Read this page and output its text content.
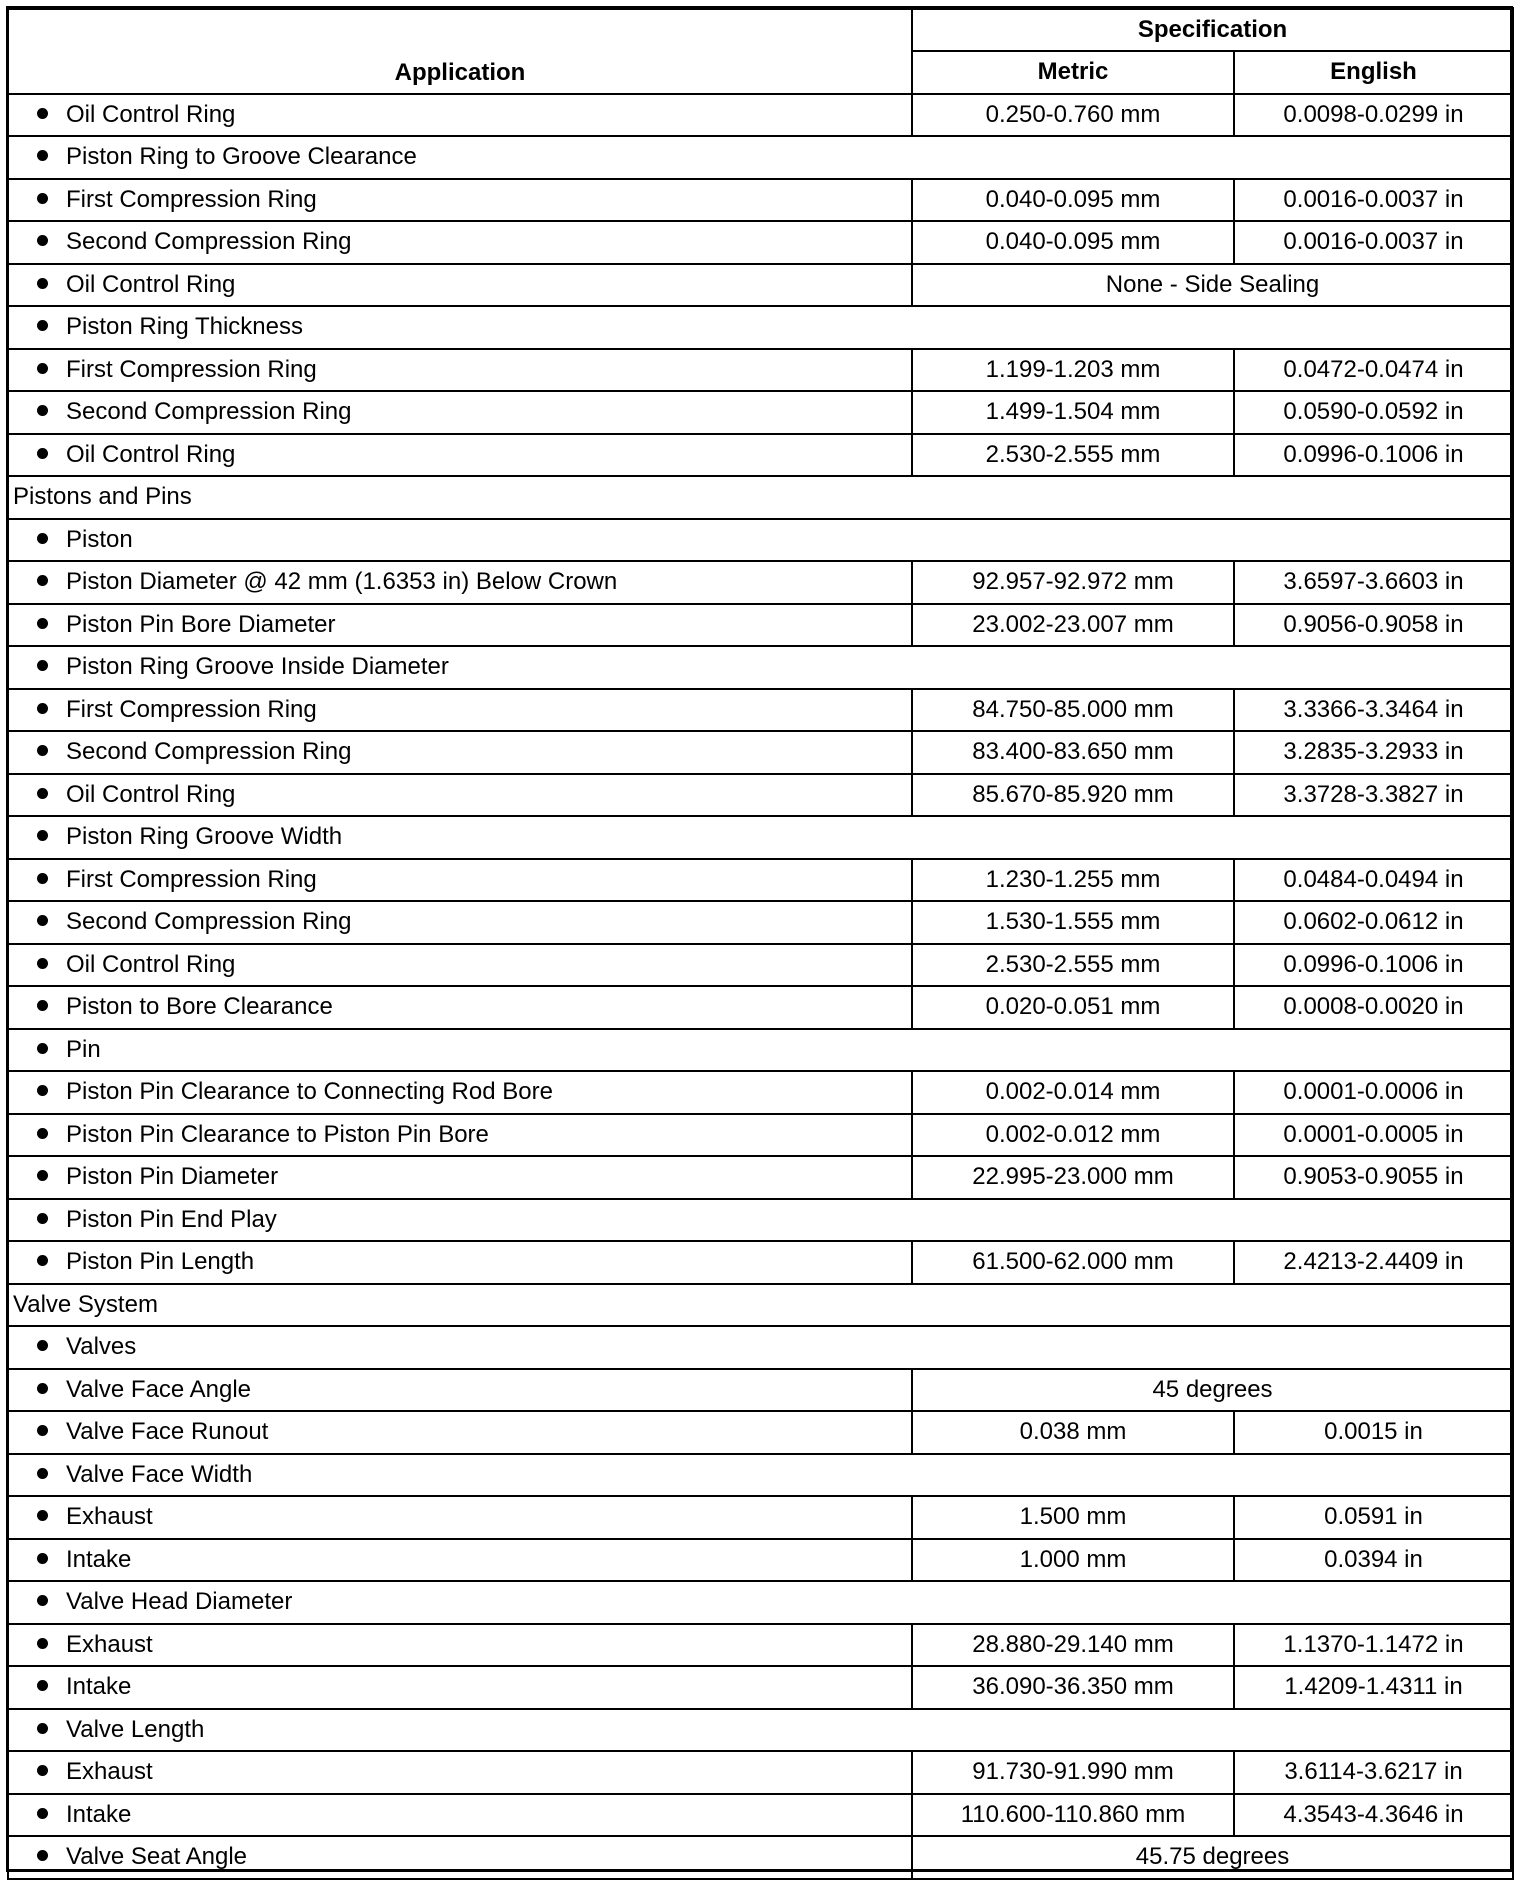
Application	Specification	
	Metric	English
Oil Control Ring	0.250-0.760 mm	0.0098-0.0299 in
Piston Ring to Groove Clearance		
First Compression Ring	0.040-0.095 mm	0.0016-0.0037 in
Second Compression Ring	0.040-0.095 mm	0.0016-0.0037 in
Oil Control Ring	None - Side Sealing	
Piston Ring Thickness		
First Compression Ring	1.199-1.203 mm	0.0472-0.0474 in
Second Compression Ring	1.499-1.504 mm	0.0590-0.0592 in
Oil Control Ring	2.530-2.555 mm	0.0996-0.1006 in
Pistons and Pins		
Piston		
Piston Diameter @ 42 mm (1.6353 in) Below Crown	92.957-92.972 mm	3.6597-3.6603 in
Piston Pin Bore Diameter	23.002-23.007 mm	0.9056-0.9058 in
Piston Ring Groove Inside Diameter		
First Compression Ring	84.750-85.000 mm	3.3366-3.3464 in
Second Compression Ring	83.400-83.650 mm	3.2835-3.2933 in
Oil Control Ring	85.670-85.920 mm	3.3728-3.3827 in
Piston Ring Groove Width		
First Compression Ring	1.230-1.255 mm	0.0484-0.0494 in
Second Compression Ring	1.530-1.555 mm	0.0602-0.0612 in
Oil Control Ring	2.530-2.555 mm	0.0996-0.1006 in
Piston to Bore Clearance	0.020-0.051 mm	0.0008-0.0020 in
Pin		
Piston Pin Clearance to Connecting Rod Bore	0.002-0.014 mm	0.0001-0.0006 in
Piston Pin Clearance to Piston Pin Bore	0.002-0.012 mm	0.0001-0.0005 in
Piston Pin Diameter	22.995-23.000 mm	0.9053-0.9055 in
Piston Pin End Play		
Piston Pin Length	61.500-62.000 mm	2.4213-2.4409 in
Valve System		
Valves		
Valve Face Angle	45 degrees	
Valve Face Runout	0.038 mm	0.0015 in
Valve Face Width		
Exhaust	1.500 mm	0.0591 in
Intake	1.000 mm	0.0394 in
Valve Head Diameter		
Exhaust	28.880-29.140 mm	1.1370-1.1472 in
Intake	36.090-36.350 mm	1.4209-1.4311 in
Valve Length		
Exhaust	91.730-91.990 mm	3.6114-3.6217 in
Intake	110.600-110.860 mm	4.3543-4.3646 in
Valve Seat Angle	45.75 degrees	
